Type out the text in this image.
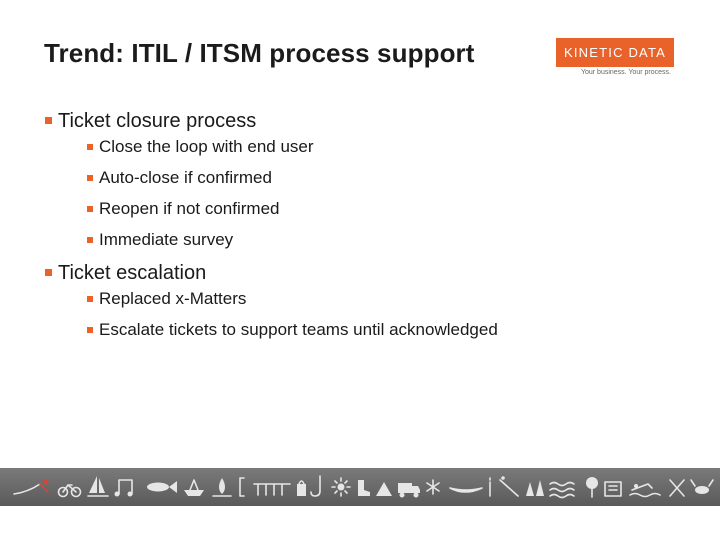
Trend: ITIL / ITSM process support	KINETIC DATA
Your business. Your process.
Ticket closure process
Close the loop with end user
Auto-close if confirmed
Reopen if not confirmed
Immediate survey
Ticket escalation
Replaced x-Matters
Escalate tickets to support teams until acknowledged
